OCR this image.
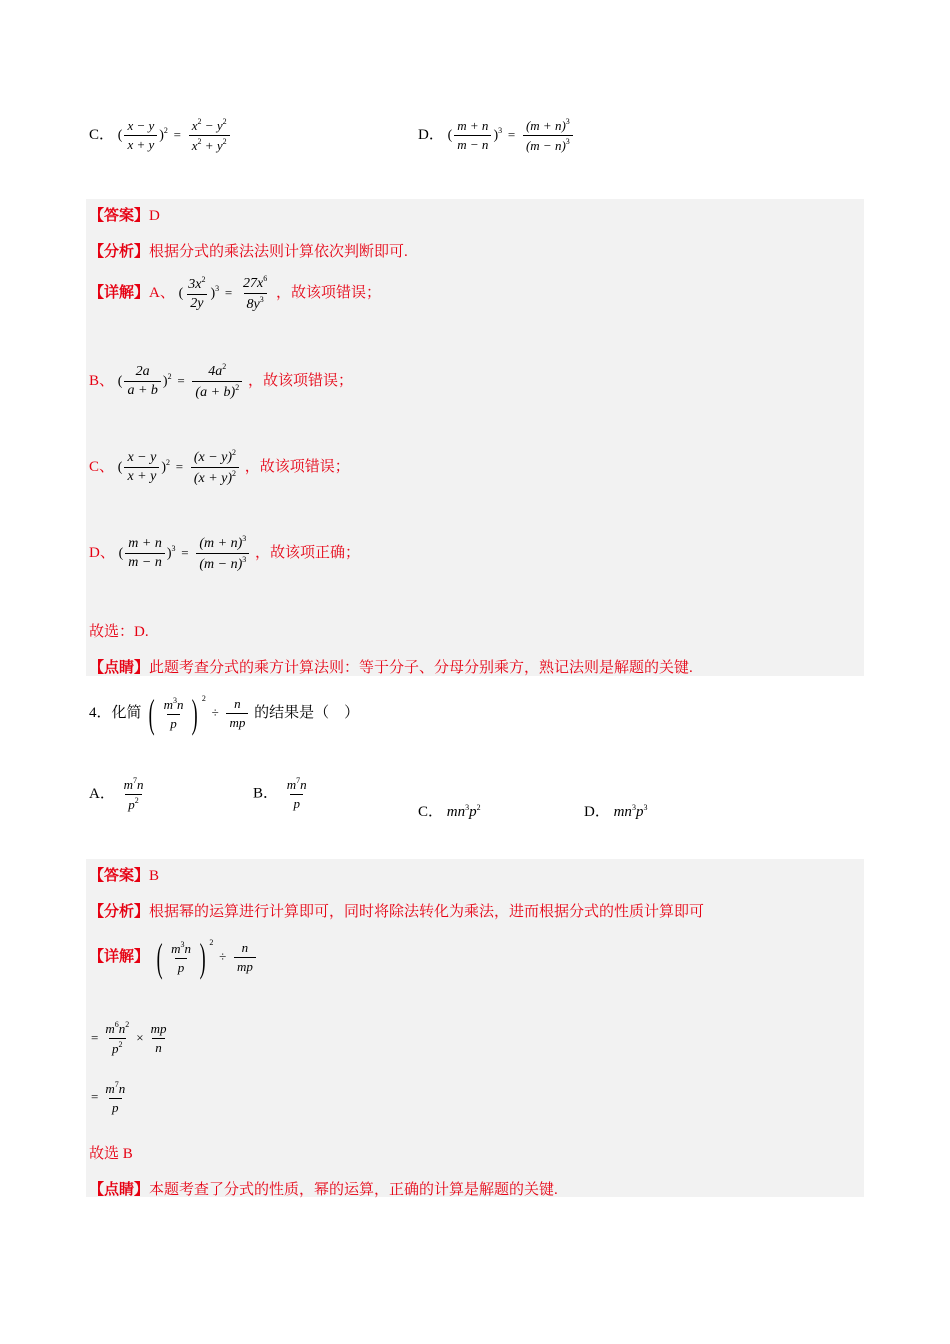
C． ( $\frac{x - y}{x + y} )^2 = \frac{x^2 - y^2}{x^2 + y^2}$	D． ( $\frac{m + n}{m - n} )^3 = \frac{(m + n)^3}{(m - n)^3}$
【答案】D
【分析】根据分式的乘法法则计算依次判断即可.
【详解】A、 ( $\frac{3x^2}{2y} )^3 = \frac{27x^6}{8y^3}$ ，故该项错误；
B、 ( $\frac{2a}{a + b} )^2 = \frac{4a^2}{(a + b)^2}$ ，故该项错误；
C、 ( $\frac{x - y}{x + y} )^2 = \frac{(x - y)^2}{(x + y)^2}$ ，故该项错误；
D、 ( $\frac{m + n}{m - n} )^3 = \frac{(m + n)^3}{(m - n)^3}$ ，故该项正确；
故选：D.
【点睛】此题考查分式的乘方计算法则：等于分子、分母分别乘方，熟记法则是解题的关键.
4．化简 ( $\frac{m^3n}{p}$ ) $^2 \div \frac{n}{mp}$ 的结果是（　）
A． $\frac{m^7n}{p^2}$	B． $\frac{m^7n}{p}$	C． $mn^3p^2$	D． $mn^3p^3$
【答案】B
【分析】根据幂的运算进行计算即可，同时将除法转化为乘法，进而根据分式的性质计算即可
【详解】 ( $\frac{m^3n}{p}$ ) $^2 \div \frac{n}{mp}$
= $\frac{m^6n^2}{p^2} \times \frac{mp}{n}$
= $\frac{m^7n}{p}$
故选 B
【点睛】本题考查了分式的性质，幂的运算，正确的计算是解题的关键.
